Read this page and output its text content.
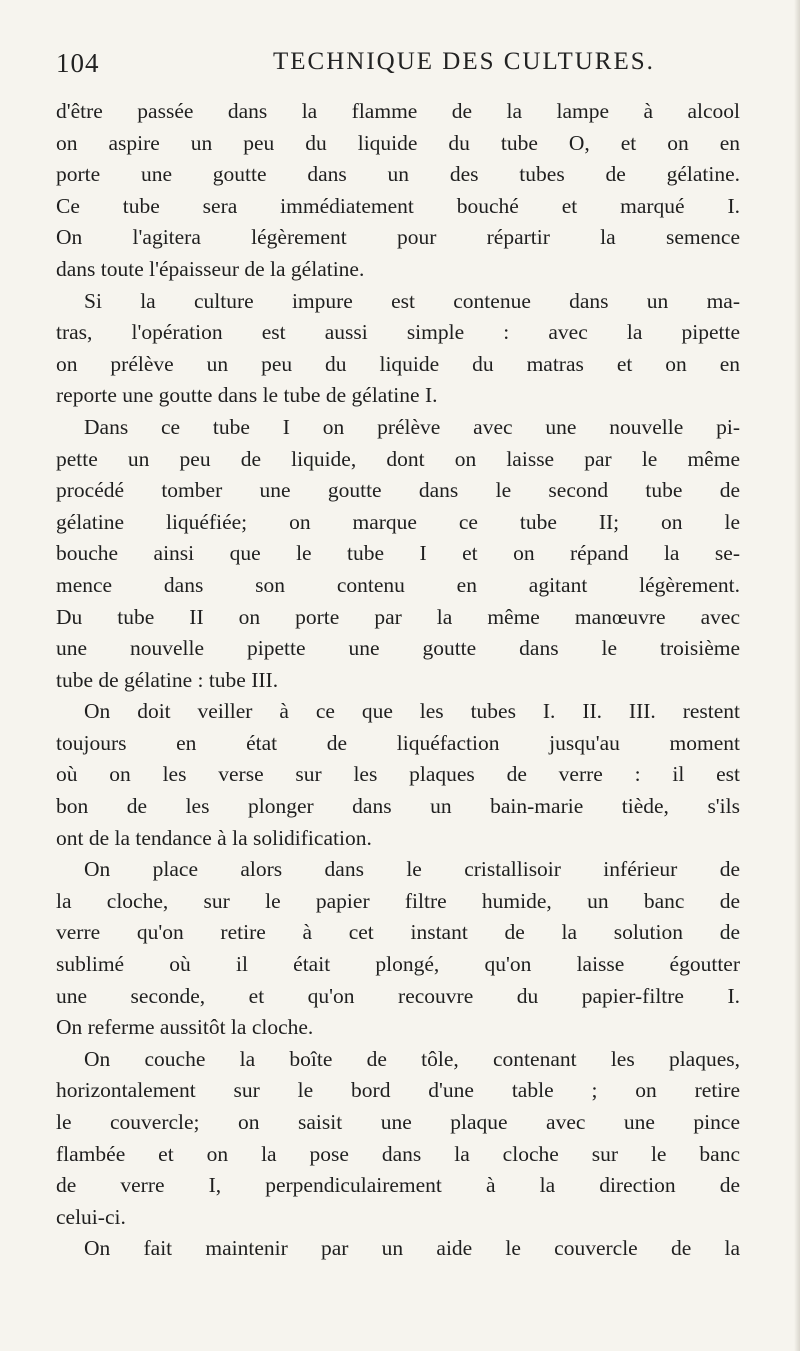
104	TECHNIQUE DES CULTURES.
d'être passée dans la flamme de la lampe à alcool
on aspire un peu du liquide du tube O, et on en
porte une goutte dans un des tubes de gélatine.
Ce tube sera immédiatement bouché et marqué I.
On l'agitera légèrement pour répartir la semence
dans toute l'épaisseur de la gélatine.
Si la culture impure est contenue dans un ma-
tras, l'opération est aussi simple : avec la pipette
on prélève un peu du liquide du matras et on en
reporte une goutte dans le tube de gélatine I.
Dans ce tube I on prélève avec une nouvelle pi-
pette un peu de liquide, dont on laisse par le même
procédé tomber une goutte dans le second tube de
gélatine liquéfiée; on marque ce tube II; on le
bouche ainsi que le tube I et on répand la se-
mence dans son contenu en agitant légèrement.
Du tube II on porte par la même manœuvre avec
une nouvelle pipette une goutte dans le troisième
tube de gélatine : tube III.
On doit veiller à ce que les tubes I. II. III. restent
toujours en état de liquéfaction jusqu'au moment
où on les verse sur les plaques de verre : il est
bon de les plonger dans un bain-marie tiède, s'ils
ont de la tendance à la solidification.
On place alors dans le cristallisoir inférieur de
la cloche, sur le papier filtre humide, un banc de
verre qu'on retire à cet instant de la solution de
sublimé où il était plongé, qu'on laisse égoutter
une seconde, et qu'on recouvre du papier-filtre I.
On referme aussitôt la cloche.
On couche la boîte de tôle, contenant les plaques,
horizontalement sur le bord d'une table ; on retire
le couvercle; on saisit une plaque avec une pince
flambée et on la pose dans la cloche sur le banc
de verre I, perpendiculairement à la direction de
celui-ci.
On fait maintenir par un aide le couvercle de la
